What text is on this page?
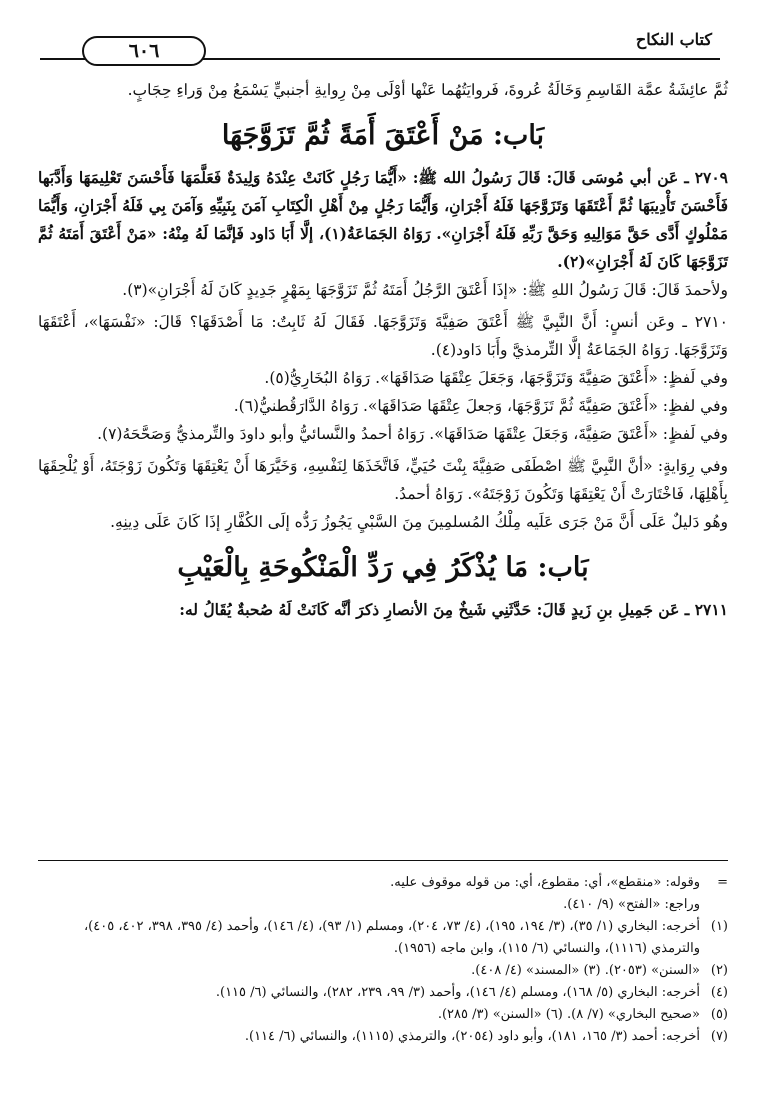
كتاب النكاح
٦٠٦

ثُمَّ عائِشَةُ عمَّة القَاسِمِ وَخَالَةُ عُروةَ، فَروايَتُهُما عَنْها أوْلَى مِنْ رِوايةِ أجنبيٍّ يَسْمَعُ مِنْ وَراءِ حِجَابٍ.

بَاب: مَنْ أَعْتَقَ أَمَةً ثُمَّ تَزَوَّجَهَا

٢٧٠٩ ـ عَن أبي مُوسَى قَالَ: قَالَ رَسُولُ الله ﷺ: «أَيُّمَا رَجُلٍ كَانَتْ عِنْدَهُ وَلِيدَةٌ فَعَلَّمَهَا فَأَحْسَنَ تَعْلِيمَهَا وَأَدَّبَها فَأَحْسَنَ تَأْدِيبَهَا ثُمَّ أَعْتَقَهَا وَتَزَوَّجَهَا فَلَهُ أَجْرَانِ، وَأَيُّمَا رَجُلٍ مِنْ أَهْلِ الْكِتَابِ آمَنَ بِنَبِيِّهِ وَآمَنَ بِي فَلَهُ أَجْرَانِ، وَأَيُّمَا مَمْلُوكٍ أَدَّى حَقَّ مَوَالِيهِ وَحَقَّ رَبِّهِ فَلَهُ أَجْرَانِ». رَوَاهُ الجَمَاعَةُ(١)، إلَّا أَبَا دَاود فَإنَّمَا لَهُ مِنْهُ: «مَنْ أَعْتَقَ أَمَتَهُ ثُمَّ تَزَوَّجَهَا كَانَ لَهُ أَجْرَانِ»(٢).

ولأحمدَ قَالَ: قَالَ رَسُولُ اللهِ ﷺ: «إذَا أَعْتَقَ الرَّجُلُ أَمَتَهُ ثُمَّ تَزَوَّجَهَا بِمَهْرٍ جَدِيدٍ كَانَ لَهُ أَجْرَانِ»(٣).

٢٧١٠ ـ وعَن أنسٍ: أَنَّ النَّبِيَّ ﷺ أَعْتَقَ صَفِيَّةَ وَتَزَوَّجَهَا. فَقَالَ لَهُ ثَابِتٌ: مَا أَصْدَقَهَا؟ قَالَ: «نَفْسَهَا»، أَعْتَقَهَا وَتَزَوَّجَهَا. رَوَاهُ الجَمَاعَةُ إلَّا التِّرمذيَّ وأَبَا دَاود(٤).

وفي لَفظٍ: «أَعْتَقَ صَفِيَّةَ وَتَزَوَّجَهَا، وَجَعَلَ عِتْقَهَا صَدَاقَهَا». رَوَاهُ البُخَارِيُّ(٥).

وفي لفظٍ: «أَعْتَقَ صَفِيَّةَ ثُمَّ تَزَوَّجَهَا، وَجعلَ عِتْقَهَا صَدَاقَهَا». رَوَاهُ الدَّارَقُطنيُّ(٦).

وفي لَفظٍ: «أَعْتَقَ صَفِيَّةَ، وَجَعَلَ عِتْقَهَا صَدَاقَهَا». رَوَاهُ أحمدُ والنَّسائيُّ وأبو داودَ والتِّرمذيُّ وَصَحَّحَهُ(٧).

وفي رِوَايةٍ: «أنَّ النَّبِيَّ ﷺ اصْطَفَى صَفِيَّةَ بِنْتَ حُيَيٍّ، فَاتَّخَذَهَا لِنَفْسِهِ، وَخَيَّرَهَا أَنْ يَعْتِقَهَا وَتَكُونَ زَوْجَتَهُ، أَوْ يُلْحِقَهَا بِأَهْلِهَا، فَاخْتَارَتْ أَنْ يَعْتِقَهَا وَتَكُونَ زَوْجَتَهُ». رَوَاهُ أحمدُ.

وهُو دَليلٌ عَلَى أَنَّ مَنْ جَرَى عَلَيه مِلْكُ المُسلمِينَ مِنَ السَّبْيِ يَجُوزُ رَدُّه إلَى الكُفَّارِ إذَا كَانَ عَلَى دِينِهِ.

بَاب: مَا يُذْكَرُ فِي رَدِّ الْمَنْكُوحَةِ بِالْعَيْبِ

٢٧١١ ـ عَن جَمِيلِ بنِ زَيدٍ قَالَ: حَدَّثَنِي شَيخٌ مِنَ الأنصارِ ذكرَ أنَّه كَانَتْ لَهُ صُحبةٌ يُقَالُ له:

=
وقوله: «منقطع»، أي: مقطوع، أي: من قوله موقوف عليه.
وراجع: «الفتح» (٩/ ٤١٠).
(١)
أخرجه: البخاري (١/ ٣٥)، (٣/ ١٩٤، ١٩٥)، (٤/ ٧٣، ٢٠٤)، ومسلم (١/ ٩٣)، (٤/ ١٤٦)، وأحمد (٤/ ٣٩٥، ٣٩٨، ٤٠٢، ٤٠٥)، والترمذي (١١١٦)، والنسائي (٦/ ١١٥)، وابن ماجه (١٩٥٦).
(٢)
«السنن» (٢٠٥٣). (٣) «المسند» (٤/ ٤٠٨).
(٤)
أخرجه: البخاري (٥/ ١٦٨)، ومسلم (٤/ ١٤٦)، وأحمد (٣/ ٩٩، ٢٣٩، ٢٨٢)، والنسائي (٦/ ١١٥).
(٥)
«صحيح البخاري» (٧/ ٨). (٦) «السنن» (٣/ ٢٨٥).
(٧)
أخرجه: أحمد (٣/ ١٦٥، ١٨١)، وأبو داود (٢٠٥٤)، والترمذي (١١١٥)، والنسائي (٦/ ١١٤).
